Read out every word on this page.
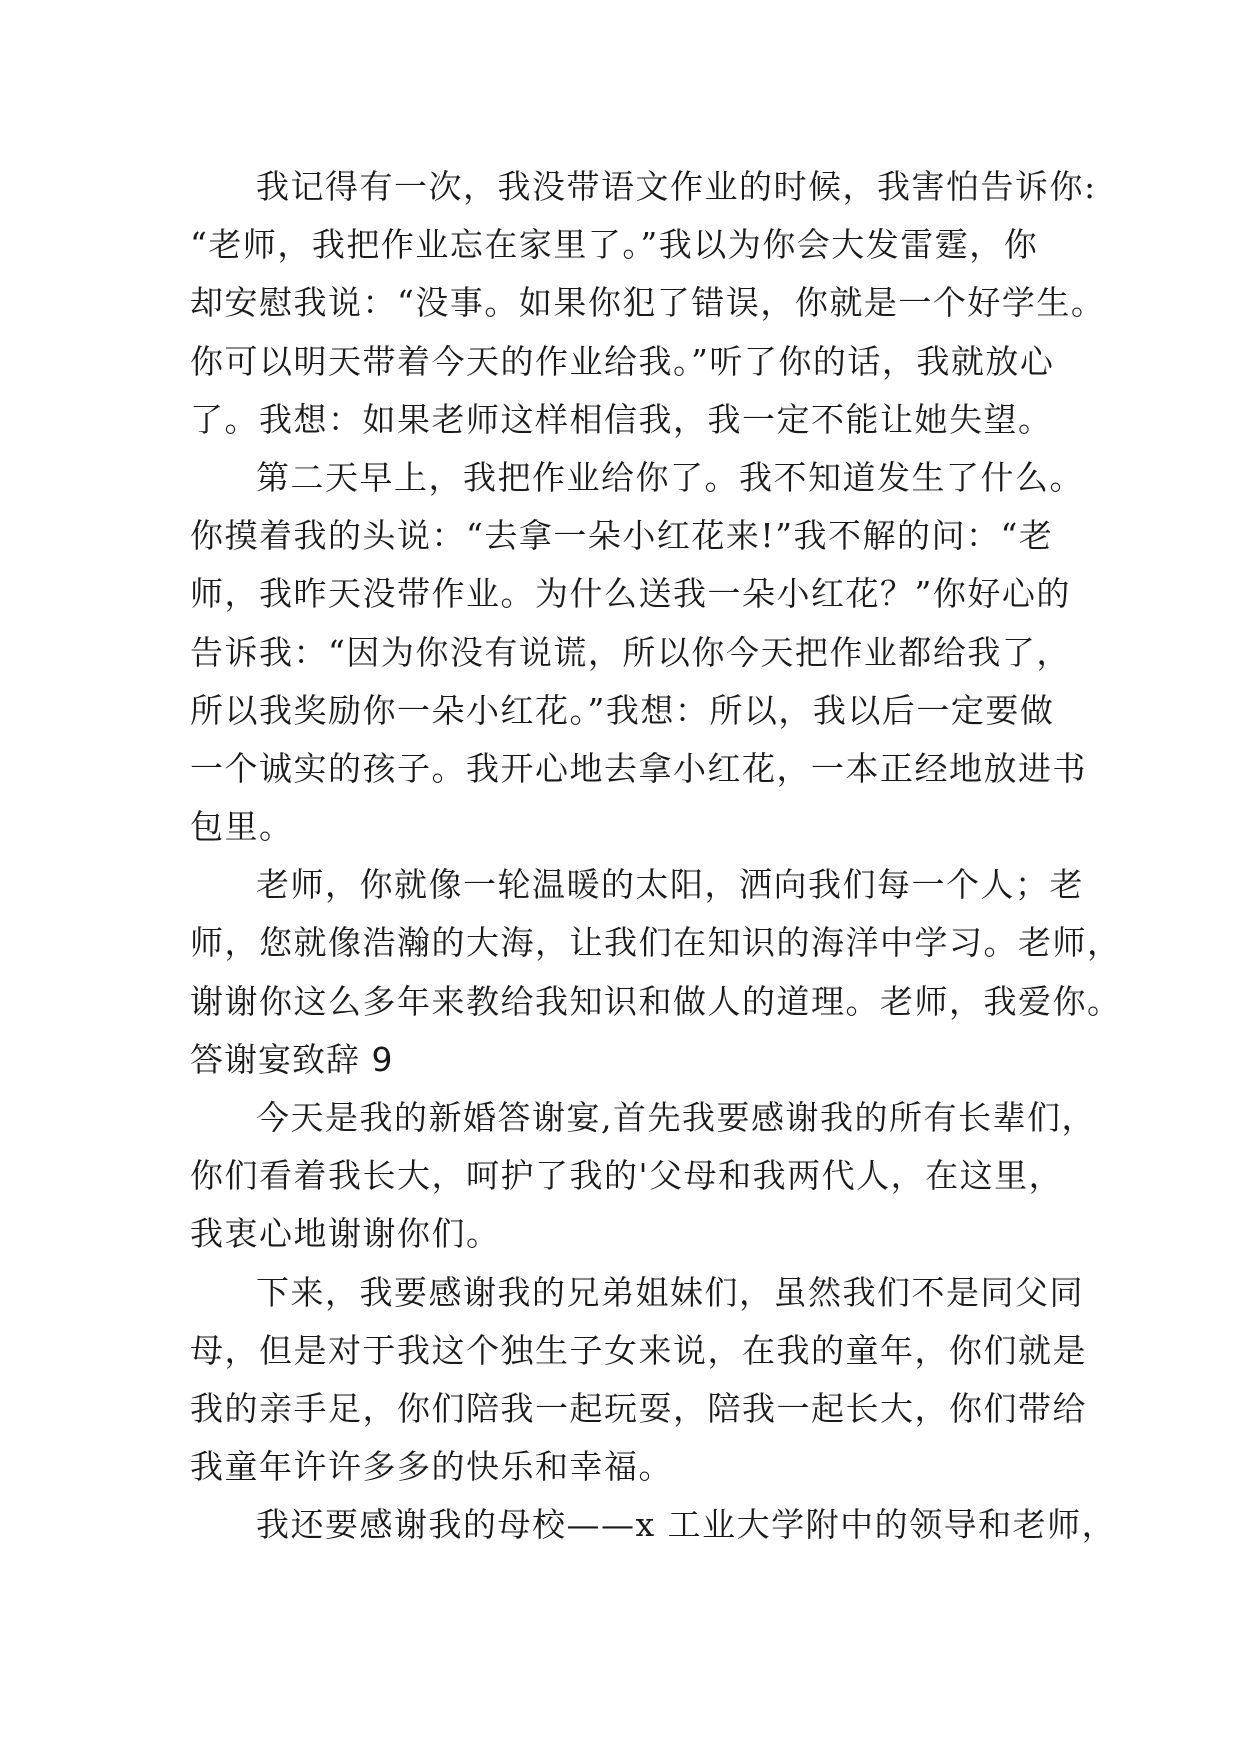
我记得有一次，我没带语文作业的时候，我害怕告诉你:
“老师，我把作业忘在家里了。”我以为你会大发雷霆，你
却安慰我说：“没事。如果你犯了错误，你就是一个好学生。
你可以明天带着今天的作业给我。”听了你的话，我就放心
了。我想：如果老师这样相信我，我一定不能让她失望。
第二天早上，我把作业给你了。我不知道发生了什么。
你摸着我的头说：“去拿一朵小红花来!”我不解的问：“老
师，我昨天没带作业。为什么送我一朵小红花？”你好心的
告诉我：“因为你没有说谎，所以你今天把作业都给我了，
所以我奖励你一朵小红花。”我想：所以，我以后一定要做
一个诚实的孩子。我开心地去拿小红花，一本正经地放进书
包里。
老师，你就像一轮温暖的太阳，洒向我们每一个人；老
师，您就像浩瀚的大海，让我们在知识的海洋中学习。老师，
谢谢你这么多年来教给我知识和做人的道理。老师，我爱你。
答谢宴致辞 9
今天是我的新婚答谢宴,首先我要感谢我的所有长辈们，
你们看着我长大，呵护了我的'父母和我两代人，在这里，
我衷心地谢谢你们。
下来，我要感谢我的兄弟姐妹们，虽然我们不是同父同
母，但是对于我这个独生子女来说，在我的童年，你们就是
我的亲手足，你们陪我一起玩耍，陪我一起长大，你们带给
我童年许许多多的快乐和幸福。
我还要感谢我的母校——x 工业大学附中的领导和老师，
